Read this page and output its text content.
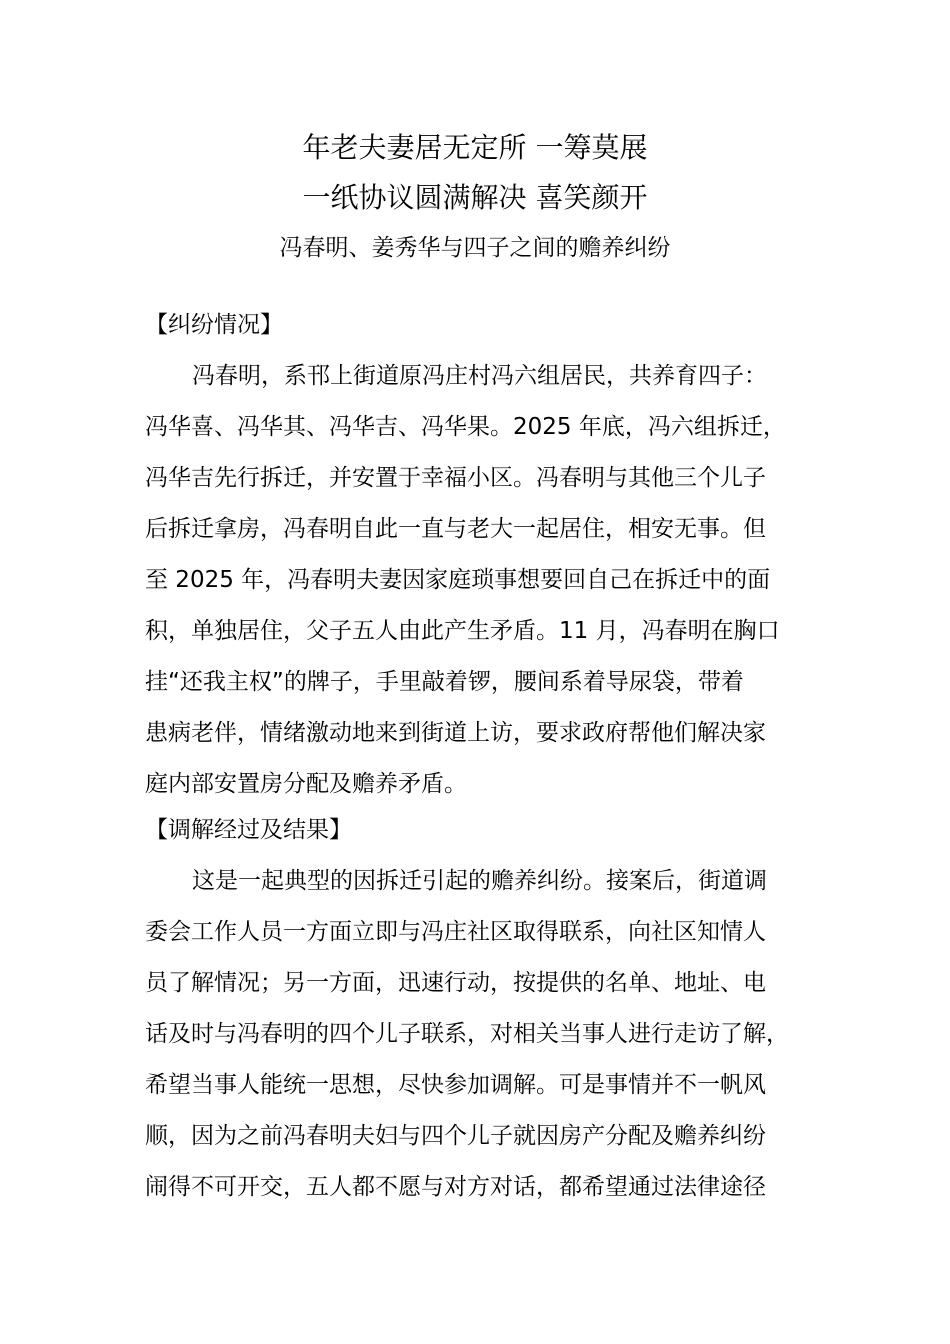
年老夫妻居无定所 一筹莫展
一纸协议圆满解决 喜笑颜开
冯春明、姜秀华与四子之间的赡养纠纷
【纠纷情况】
冯春明，系邗上街道原冯庄村冯六组居民，共养育四子：
冯华喜、冯华其、冯华吉、冯华果。2025 年底，冯六组拆迁，
冯华吉先行拆迁，并安置于幸福小区。冯春明与其他三个儿子
后拆迁拿房，冯春明自此一直与老大一起居住，相安无事。但
至 2025 年，冯春明夫妻因家庭琐事想要回自己在拆迁中的面
积，单独居住，父子五人由此产生矛盾。11 月，冯春明在胸口
挂“还我主权”的牌子，手里敲着锣，腰间系着导尿袋，带着
患病老伴，情绪激动地来到街道上访，要求政府帮他们解决家
庭内部安置房分配及赡养矛盾。
【调解经过及结果】
这是一起典型的因拆迁引起的赡养纠纷。接案后，街道调
委会工作人员一方面立即与冯庄社区取得联系，向社区知情人
员了解情况；另一方面，迅速行动，按提供的名单、地址、电
话及时与冯春明的四个儿子联系，对相关当事人进行走访了解，
希望当事人能统一思想，尽快参加调解。可是事情并不一帆风
顺，因为之前冯春明夫妇与四个儿子就因房产分配及赡养纠纷
闹得不可开交，五人都不愿与对方对话，都希望通过法律途径
